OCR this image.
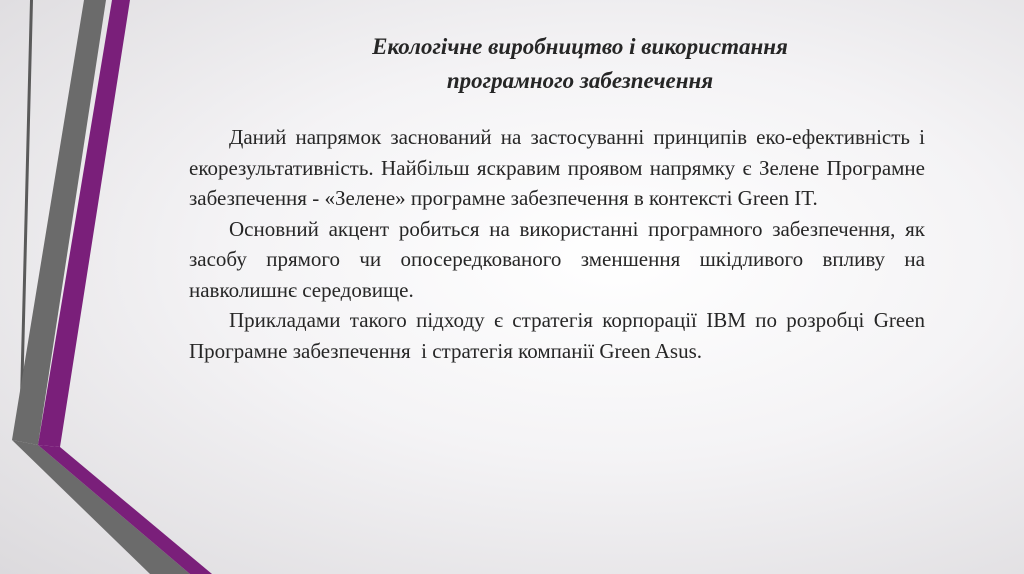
Екологічне виробництво і використання
програмного забезпечення

Даний напрямок заснований на застосуванні принципів еко-ефективність і екорезультативність. Найбільш яскравим проявом напрямку є Зелене Програмне забезпечення - «Зелене» програмне забезпечення в контексті Green IT.

Основний акцент робиться на використанні програмного забезпечення, як засобу прямого чи опосередкованого зменшення шкідливого впливу на навколишнє середовище.

Прикладами такого підходу є стратегія корпорації IBM по розробці Green Програмне забезпечення  і стратегія компанії Green Asus.
